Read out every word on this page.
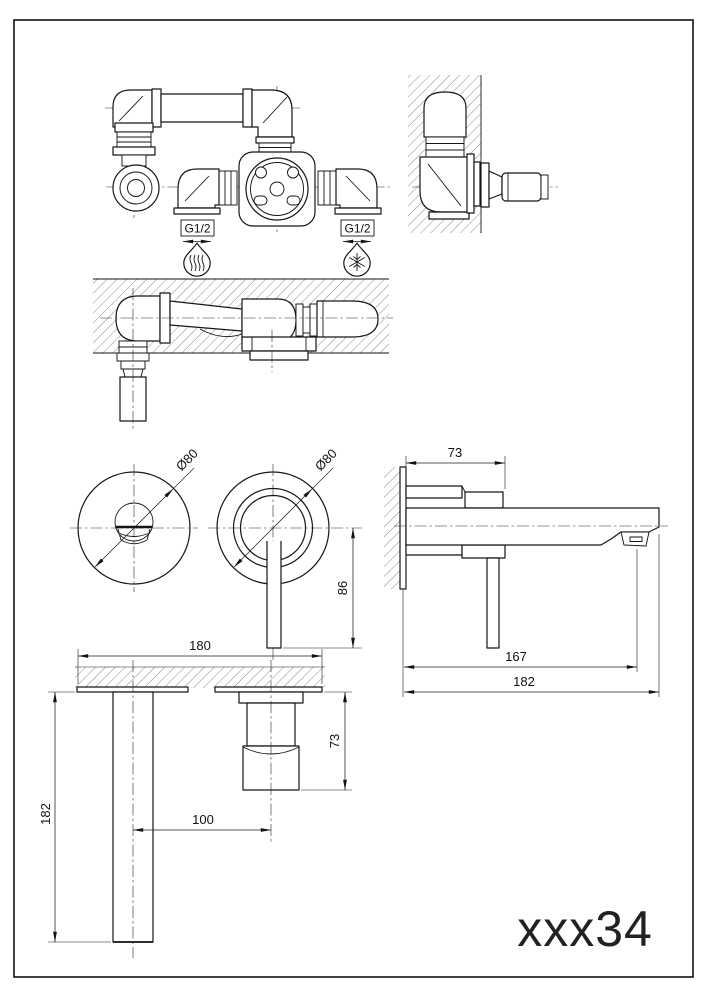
G1/2	G1/2
Ø80	Ø80
86
73
167
182
180
73
100
182
xxx34
